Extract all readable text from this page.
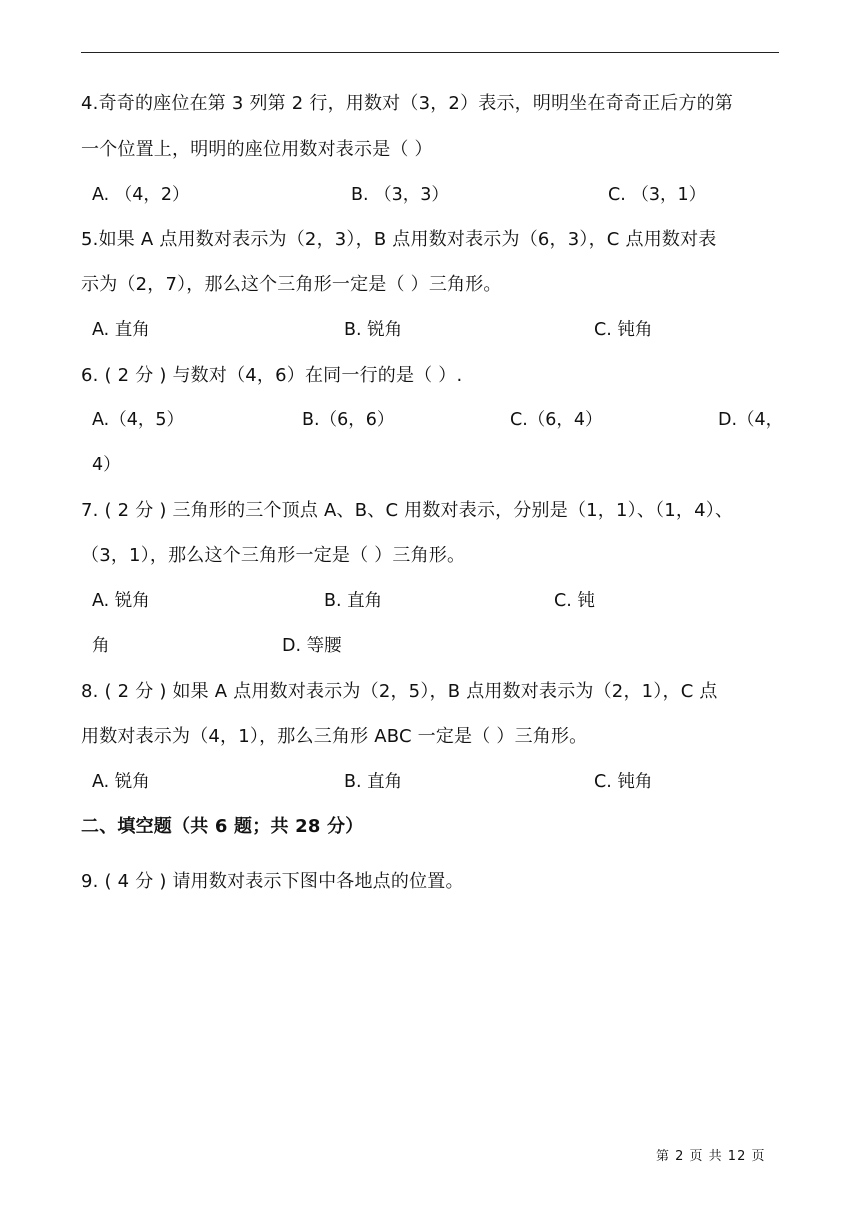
4.奇奇的座位在第 3 列第 2 行，用数对（3，2）表示，明明坐在奇奇正后方的第
一个位置上，明明的座位用数对表示是（ ）
A. （4，2）	B. （3，3）	C. （3，1）
5.如果 A 点用数对表示为（2，3），B 点用数对表示为（6，3），C 点用数对表
示为（2，7），那么这个三角形一定是（ ）三角形。
A. 直角	B. 锐角	C. 钝角
6. ( 2 分 ) 与数对（4，6）在同一行的是（ ）.
A.（4，5）	B.（6，6）	C.（6，4）	D.（4，
4）
7. ( 2 分 ) 三角形的三个顶点 A、B、C 用数对表示，分别是（1，1）、（1，4）、
（3，1），那么这个三角形一定是（ ）三角形。
A. 锐角	B. 直角	C. 钝
角	D. 等腰
8. ( 2 分 ) 如果 A 点用数对表示为（2，5），B 点用数对表示为（2，1），C 点
用数对表示为（4，1），那么三角形 ABC 一定是（ ）三角形。
A. 锐角	B. 直角	C. 钝角
二、填空题（共 6 题；共 28 分）
9. ( 4 分 ) 请用数对表示下图中各地点的位置。
第 2 页 共 12 页
